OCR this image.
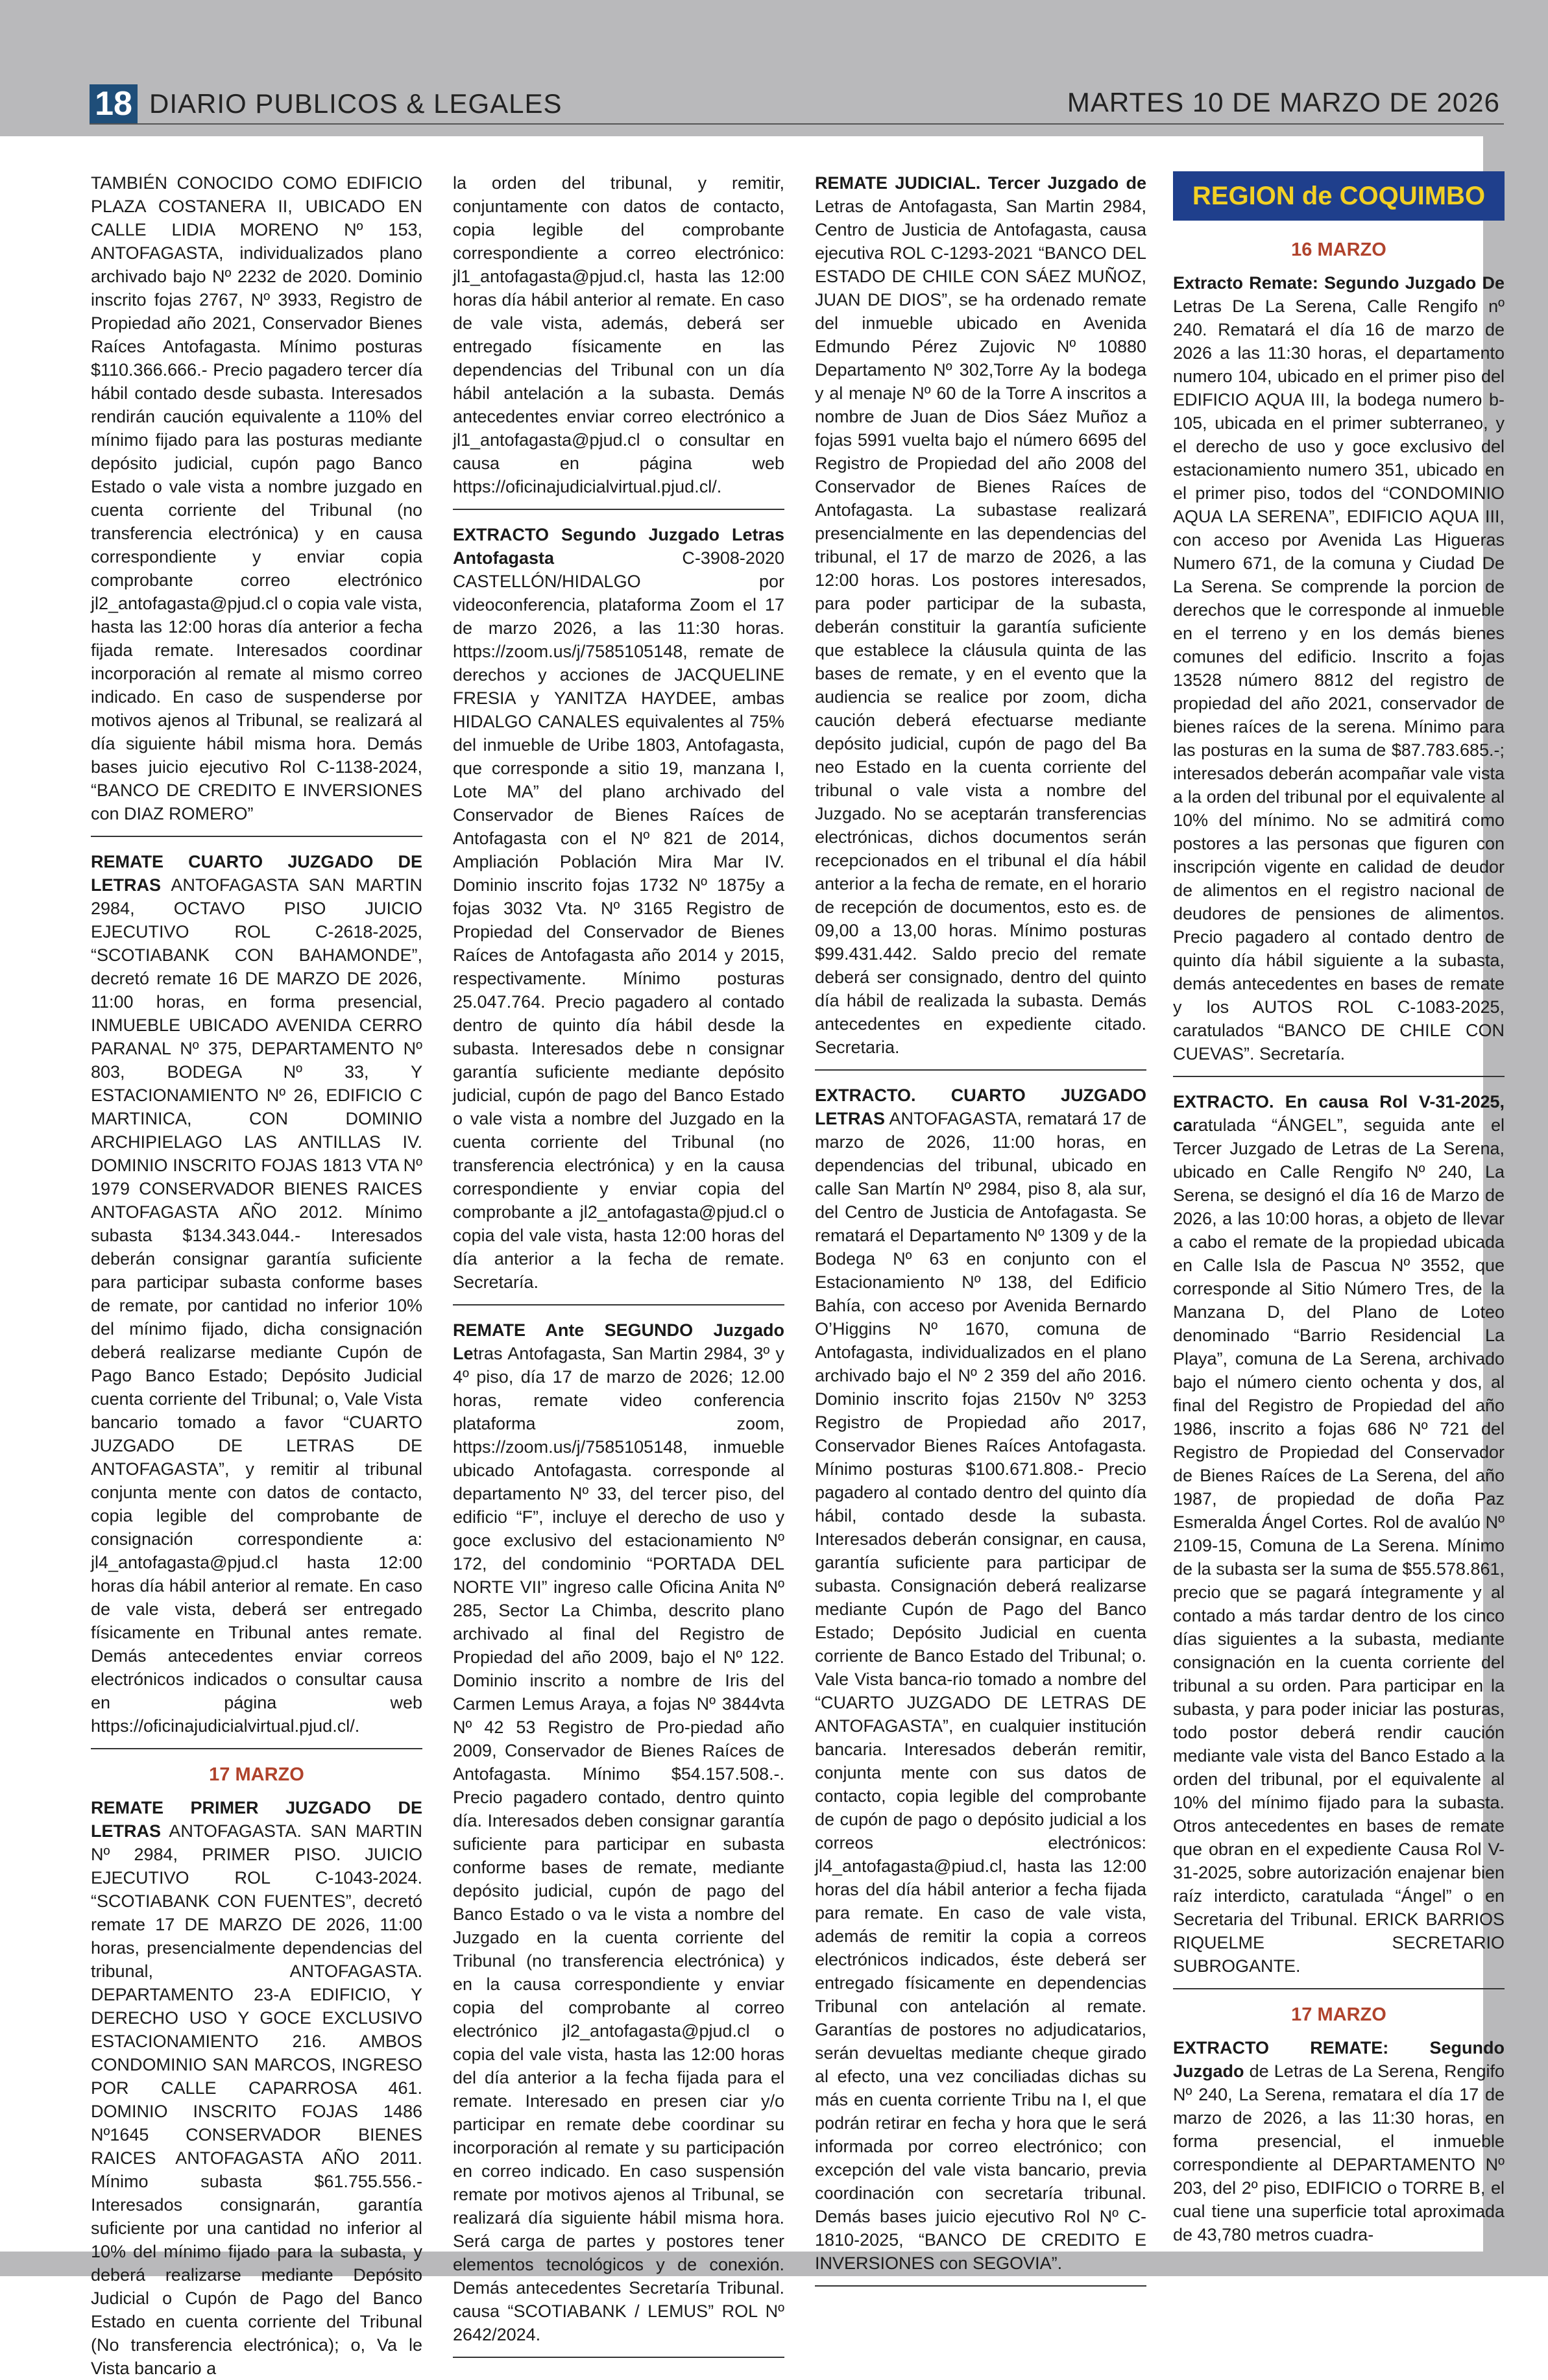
18 DIARIO PUBLICOS & LEGALES	MARTES 10 DE MARZO DE 2026

TAMBIÉN CONOCIDO COMO EDIFICIO PLAZA COSTANERA II, UBICADO EN CALLE LIDIA MORENO Nº 153, ANTOFAGASTA, individualizados plano archivado bajo Nº 2232 de 2020. Dominio inscrito fojas 2767, Nº 3933, Registro de Propiedad año 2021, Conservador Bienes Raíces Antofagasta. Mínimo posturas $110.366.666.- Precio pagadero tercer día hábil contado desde subasta. Interesados rendirán caución equivalente a 110% del mínimo fijado para las posturas mediante depósito judicial, cupón pago Banco Estado o vale vista a nombre juzgado en cuenta corriente del Tribunal (no transferencia electrónica) y en causa correspondiente y enviar copia comprobante correo electrónico jl2_antofagasta@pjud.cl o copia vale vista, hasta las 12:00 horas día anterior a fecha fijada remate. Interesados coordinar incorporación al remate al mismo correo indicado. En caso de suspenderse por motivos ajenos al Tribunal, se realizará al día siguiente hábil misma hora. Demás bases juicio ejecutivo Rol C-1138-2024, “BANCO DE CREDITO E INVERSIONES con DIAZ ROMERO”

REMATE CUARTO JUZGADO DE LETRAS ANTOFAGASTA SAN MARTIN 2984, OCTAVO PISO JUICIO EJECUTIVO ROL C-2618-2025, “SCOTIABANK CON BAHAMONDE”, decretó remate 16 DE MARZO DE 2026, 11:00 horas, en forma presencial, INMUEBLE UBICADO AVENIDA CERRO PARANAL Nº 375, DEPARTAMENTO Nº 803, BODEGA Nº 33, Y ESTACIONAMIENTO Nº 26, EDIFICIO C MARTINICA, CON DOMINIO ARCHIPIELAGO LAS ANTILLAS IV. DOMINIO INSCRITO FOJAS 1813 VTA Nº 1979 CONSERVADOR BIENES RAICES ANTOFAGASTA AÑO 2012. Mínimo subasta $134.343.044.- Interesados deberán consignar garantía suficiente para participar subasta conforme bases de remate, por cantidad no inferior 10% del mínimo fijado, dicha consignación deberá realizarse mediante Cupón de Pago Banco Estado; Depósito Judicial cuenta corriente del Tribunal; o, Vale Vista bancario tomado a favor “CUARTO JUZGADO DE LETRAS DE ANTOFAGASTA”, y remitir al tribunal conjunta mente con datos de contacto, copia legible del comprobante de consignación correspondiente a: jl4_antofagasta@pjud.cl hasta 12:00 horas día hábil anterior al remate. En caso de vale vista, deberá ser entregado físicamente en Tribunal antes remate. Demás antecedentes enviar correos electrónicos indicados o consultar causa en página web https://oficinajudicialvirtual.pjud.cl/.

17 MARZO

REMATE PRIMER JUZGADO DE LETRAS ANTOFAGASTA. SAN MARTIN Nº 2984, PRIMER PISO. JUICIO EJECUTIVO ROL C-1043-2024. “SCOTIABANK CON FUENTES”, decretó remate 17 DE MARZO DE 2026, 11:00 horas, presencialmente dependencias del tribunal, ANTOFAGASTA. DEPARTAMENTO 23-A EDIFICIO, Y DERECHO USO Y GOCE EXCLUSIVO ESTACIONAMIENTO 216. AMBOS CONDOMINIO SAN MARCOS, INGRESO POR CALLE CAPARROSA 461. DOMINIO INSCRITO FOJAS 1486 Nº1645 CONSERVADOR BIENES RAICES ANTOFAGASTA AÑO 2011. Mínimo subasta $61.755.556.- Interesados consignarán, garantía suficiente por una cantidad no inferior al 10% del mínimo fijado para la subasta, y deberá realizarse mediante Depósito Judicial o Cupón de Pago del Banco Estado en cuenta corriente del Tribunal (No transferencia electrónica); o, Va le Vista bancario a

la orden del tribunal, y remitir, conjuntamente con datos de contacto, copia legible del comprobante correspondiente a correo electrónico: jl1_antofagasta@pjud.cl, hasta las 12:00 horas día hábil anterior al remate. En caso de vale vista, además, deberá ser entregado físicamente en las dependencias del Tribunal con un día hábil antelación a la subasta. Demás antecedentes enviar correo electrónico a jl1_antofagasta@pjud.cl o consultar en causa en página web https://oficinajudicialvirtual.pjud.cl/.

EXTRACTO Segundo Juzgado Letras Antofagasta C-3908-2020 CASTELLÓN/HIDALGO por videoconferencia, plataforma Zoom el 17 de marzo 2026, a las 11:30 horas. https://zoom.us/j/7585105148, remate de derechos y acciones de JACQUELINE FRESIA y YANITZA HAYDEE, ambas HIDALGO CANALES equivalentes al 75% del inmueble de Uribe 1803, Antofagasta, que corresponde a sitio 19, manzana I, Lote MA” del plano archivado del Conservador de Bienes Raíces de Antofagasta con el Nº 821 de 2014, Ampliación Población Mira Mar IV. Dominio inscrito fojas 1732 Nº 1875y a fojas 3032 Vta. Nº 3165 Registro de Propiedad del Conservador de Bienes Raíces de Antofagasta año 2014 y 2015, respectivamente. Mínimo posturas 25.047.764. Precio pagadero al contado dentro de quinto día hábil desde la subasta. Interesados debe n consignar garantía suficiente mediante depósito judicial, cupón de pago del Banco Estado o vale vista a nombre del Juzgado en la cuenta corriente del Tribunal (no transferencia electrónica) y en la causa correspondiente y enviar copia del comprobante a jl2_antofagasta@pjud.cl o copia del vale vista, hasta 12:00 horas del día anterior a la fecha de remate. Secretaría.

REMATE Ante SEGUNDO Juzgado Letras Antofagasta, San Martin 2984, 3º y 4º piso, día 17 de marzo de 2026; 12.00 horas, remate video conferencia plataforma zoom, https://zoom.us/j/7585105148, inmueble ubicado Antofagasta. corresponde al departamento Nº 33, del tercer piso, del edificio “F”, incluye el derecho de uso y goce exclusivo del estacionamiento Nº 172, del condominio “PORTADA DEL NORTE VII” ingreso calle Oficina Anita Nº 285, Sector La Chimba, descrito plano archivado al final del Registro de Propiedad del año 2009, bajo el Nº 122. Dominio inscrito a nombre de Iris del Carmen Lemus Araya, a fojas Nº 3844vta Nº 42 53 Registro de Pro-piedad año 2009, Conservador de Bienes Raíces de Antofagasta. Mínimo $54.157.508.-. Precio pagadero contado, dentro quinto día. Interesados deben consignar garantía suficiente para participar en subasta conforme bases de remate, mediante depósito judicial, cupón de pago del Banco Estado o va le vista a nombre del Juzgado en la cuenta corriente del Tribunal (no transferencia electrónica) y en la causa correspondiente y enviar copia del comprobante al correo electrónico jl2_antofagasta@pjud.cl o copia del vale vista, hasta las 12:00 horas del día anterior a la fecha fijada para el remate. Interesado en presen ciar y/o participar en remate debe coordinar su incorporación al remate y su participación en correo indicado. En caso suspensión remate por motivos ajenos al Tribunal, se realizará día siguiente hábil misma hora. Será carga de partes y postores tener elementos tecnológicos y de conexión. Demás antecedentes Secretaría Tribunal. causa “SCOTIABANK / LEMUS” ROL Nº 2642/2024.

REMATE JUDICIAL. Tercer Juzgado de Letras de Antofagasta, San Martin 2984, Centro de Justicia de Antofagasta, causa ejecutiva ROL C-1293-2021 “BANCO DEL ESTADO DE CHILE CON SÁEZ MUÑOZ, JUAN DE DIOS”, se ha ordenado remate del inmueble ubicado en Avenida Edmundo Pérez Zujovic Nº 10880 Departamento Nº 302,Torre Ay la bodega y al menaje Nº 60 de la Torre A inscritos a nombre de Juan de Dios Sáez Muñoz a fojas 5991 vuelta bajo el número 6695 del Registro de Propiedad del año 2008 del Conservador de Bienes Raíces de Antofagasta. La subastase realizará presencialmente en las dependencias del tribunal, el 17 de marzo de 2026, a las 12:00 horas. Los postores interesados, para poder participar de la subasta, deberán constituir la garantía suficiente que establece la cláusula quinta de las bases de remate, y en el evento que la audiencia se realice por zoom, dicha caución deberá efectuarse mediante depósito judicial, cupón de pago del Ba neo Estado en la cuenta corriente del tribunal o vale vista a nombre del Juzgado. No se aceptarán transferencias electrónicas, dichos documentos serán recepcionados en el tribunal el día hábil anterior a la fecha de remate, en el horario de recepción de documentos, esto es. de 09,00 a 13,00 horas. Mínimo posturas $99.431.442. Saldo precio del remate deberá ser consignado, dentro del quinto día hábil de realizada la subasta. Demás antecedentes en expediente citado. Secretaria.

EXTRACTO. CUARTO JUZGADO LETRAS ANTOFAGASTA, rematará 17 de marzo de 2026, 11:00 horas, en dependencias del tribunal, ubicado en calle San Martín Nº 2984, piso 8, ala sur, del Centro de Justicia de Antofagasta. Se rematará el Departamento Nº 1309 y de la Bodega Nº 63 en conjunto con el Estacionamiento Nº 138, del Edificio Bahía, con acceso por Avenida Bernardo O’Higgins Nº 1670, comuna de Antofagasta, individualizados en el plano archivado bajo el Nº 2 359 del año 2016. Dominio inscrito fojas 2150v Nº 3253 Registro de Propiedad año 2017, Conservador Bienes Raíces Antofagasta. Mínimo posturas $100.671.808.- Precio pagadero al contado dentro del quinto día hábil, contado desde la subasta. Interesados deberán consignar, en causa, garantía suficiente para participar de subasta. Consignación deberá realizarse mediante Cupón de Pago del Banco Estado; Depósito Judicial en cuenta corriente de Banco Estado del Tribunal; o. Vale Vista banca-rio tomado a nombre del “CUARTO JUZGADO DE LETRAS DE ANTOFAGASTA”, en cualquier institución bancaria. Interesados deberán remitir, conjunta mente con sus datos de contacto, copia legible del comprobante de cupón de pago o depósito judicial a los correos electrónicos: jl4_antofagasta@piud.cl, hasta las 12:00 horas del día hábil anterior a fecha fijada para remate. En caso de vale vista, además de remitir la copia a correos electrónicos indicados, éste deberá ser entregado físicamente en dependencias Tribunal con antelación al remate. Garantías de postores no adjudicatarios, serán devueltas mediante cheque girado al efecto, una vez conciliadas dichas su más en cuenta corriente Tribu na I, el que podrán retirar en fecha y hora que le será informada por correo electrónico; con excepción del vale vista bancario, previa coordinación con secretaría tribunal. Demás bases juicio ejecutivo Rol Nº C-1810-2025, “BANCO DE CREDITO E INVERSIONES con SEGOVIA”.

REGION de COQUIMBO
16 MARZO

Extracto Remate: Segundo Juzgado De Letras De La Serena, Calle Rengifo nº 240. Rematará el día 16 de marzo de 2026 a las 11:30 horas, el departamento numero 104, ubicado en el primer piso del EDIFICIO AQUA III, la bodega numero b-105, ubicada en el primer subterraneo, y el derecho de uso y goce exclusivo del estacionamiento numero 351, ubicado en el primer piso, todos del “CONDOMINIO AQUA LA SERENA”, EDIFICIO AQUA III, con acceso por Avenida Las Higueras Numero 671, de la comuna y Ciudad De La Serena. Se comprende la porcion de derechos que le corresponde al inmueble en el terreno y en los demás bienes comunes del edificio. Inscrito a fojas 13528 número 8812 del registro de propiedad del año 2021, conservador de bienes raíces de la serena. Mínimo para las posturas en la suma de $87.783.685.-; interesados deberán acompañar vale vista a la orden del tribunal por el equivalente al 10% del mínimo. No se admitirá como postores a las personas que figuren con inscripción vigente en calidad de deudor de alimentos en el registro nacional de deudores de pensiones de alimentos. Precio pagadero al contado dentro de quinto día hábil siguiente a la subasta, demás antecedentes en bases de remate y los AUTOS ROL C-1083-2025, caratulados “BANCO DE CHILE CON CUEVAS”. Secretaría.

EXTRACTO. En causa Rol V-31-2025, caratulada “ÁNGEL”, seguida ante el Tercer Juzgado de Letras de La Serena, ubicado en Calle Rengifo Nº 240, La Serena, se designó el día 16 de Marzo de 2026, a las 10:00 horas, a objeto de llevar a cabo el remate de la propiedad ubicada en Calle Isla de Pascua Nº 3552, que corresponde al Sitio Número Tres, de la Manzana D, del Plano de Loteo denominado “Barrio Residencial La Playa”, comuna de La Serena, archivado bajo el número ciento ochenta y dos, al final del Registro de Propiedad del año 1986, inscrito a fojas 686 Nº 721 del Registro de Propiedad del Conservador de Bienes Raíces de La Serena, del año 1987, de propiedad de doña Paz Esmeralda Ángel Cortes. Rol de avalúo Nº 2109-15, Comuna de La Serena. Mínimo de la subasta ser la suma de $55.578.861, precio que se pagará íntegramente y al contado a más tardar dentro de los cinco días siguientes a la subasta, mediante consignación en la cuenta corriente del tribunal a su orden. Para participar en la subasta, y para poder iniciar las posturas, todo postor deberá rendir caución mediante vale vista del Banco Estado a la orden del tribunal, por el equivalente al 10% del mínimo fijado para la subasta. Otros antecedentes en bases de remate que obran en el expediente Causa Rol V-31-2025, sobre autorización enajenar bien raíz interdicto, caratulada “Ángel” o en Secretaria del Tribunal. ERICK BARRIOS RIQUELME SECRETARIO SUBROGANTE.

17 MARZO

EXTRACTO REMATE: Segundo Juzgado de Letras de La Serena, Rengifo Nº 240, La Serena, rematara el día 17 de marzo de 2026, a las 11:30 horas, en forma presencial, el inmueble correspondiente al DEPARTAMENTO Nº 203, del 2º piso, EDIFICIO o TORRE B, el cual tiene una superficie total aproximada de 43,780 metros cuadra-
